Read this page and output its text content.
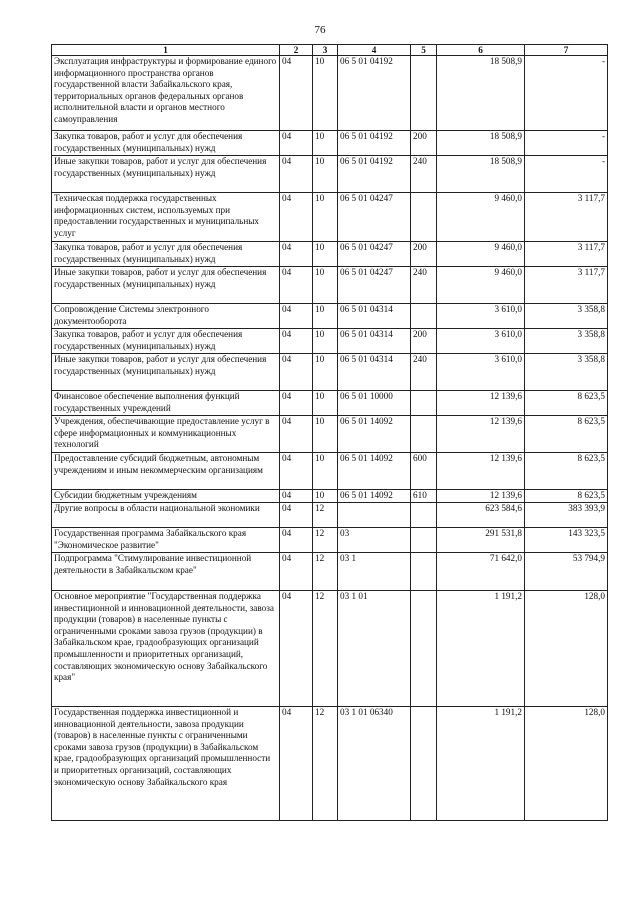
76
1	2	3	4	5	6	7
Эксплуатация инфраструктуры и формирование единого информационного пространства органов государственной власти Забайкальского края, территориальных органов федеральных органов исполнительной власти и органов местного самоуправления	04	10	06 5 01 04192		18 508,9	-
Закупка товаров, работ и услуг для обеспечения государственных (муниципальных) нужд	04	10	06 5 01 04192	200	18 508,9	-
Иные закупки товаров, работ и услуг для обеспечения государственных (муниципальных) нужд	04	10	06 5 01 04192	240	18 508,9	-
Техническая поддержка государственных информационных систем, используемых при предоставлении государственных и муниципальных услуг	04	10	06 5 01 04247		9 460,0	3 117,7
Закупка товаров, работ и услуг для обеспечения государственных (муниципальных) нужд	04	10	06 5 01 04247	200	9 460,0	3 117,7
Иные закупки товаров, работ и услуг для обеспечения государственных (муниципальных) нужд	04	10	06 5 01 04247	240	9 460,0	3 117,7
Сопровождение Системы электронного документооборота	04	10	06 5 01 04314		3 610,0	3 358,8
Закупка товаров, работ и услуг для обеспечения государственных (муниципальных) нужд	04	10	06 5 01 04314	200	3 610,0	3 358,8
Иные закупки товаров, работ и услуг для обеспечения государственных (муниципальных) нужд	04	10	06 5 01 04314	240	3 610,0	3 358,8
Финансовое обеспечение выполнения функций государственных учреждений	04	10	06 5 01 10000		12 139,6	8 623,5
Учреждения, обеспечивающие предоставление услуг в сфере информационных и коммуникационных технологий	04	10	06 5 01 14092		12 139,6	8 623,5
Предоставление субсидий бюджетным, автономным учреждениям и иным некоммерческим организациям	04	10	06 5 01 14092	600	12 139,6	8 623,5
Субсидии бюджетным учреждениям	04	10	06 5 01 14092	610	12 139,6	8 623,5
Другие вопросы в области национальной экономики	04	12			623 584,6	383 393,9
Государственная программа Забайкальского края "Экономическое развитие"	04	12	03		291 531,8	143 323,5
Подпрограмма "Стимулирование инвестиционной деятельности в Забайкальском крае"	04	12	03 1		71 642,0	53 794,9
Основное мероприятие "Государственная поддержка инвестиционной и инновационной деятельности, завоза продукции (товаров) в населенные пункты с ограниченными сроками завоза грузов (продукции) в Забайкальском крае, градообразующих организаций промышленности и приоритетных организаций, составляющих экономическую основу Забайкальского края"	04	12	03 1 01		1 191,2	128,0
Государственная поддержка инвестиционной и инновационной деятельности, завоза продукции (товаров) в населенные пункты с ограниченными сроками завоза грузов (продукции) в Забайкальском крае, градообразующих организаций промышленности и приоритетных организаций, составляющих экономическую основу Забайкальского края	04	12	03 1 01 06340		1 191,2	128,0
